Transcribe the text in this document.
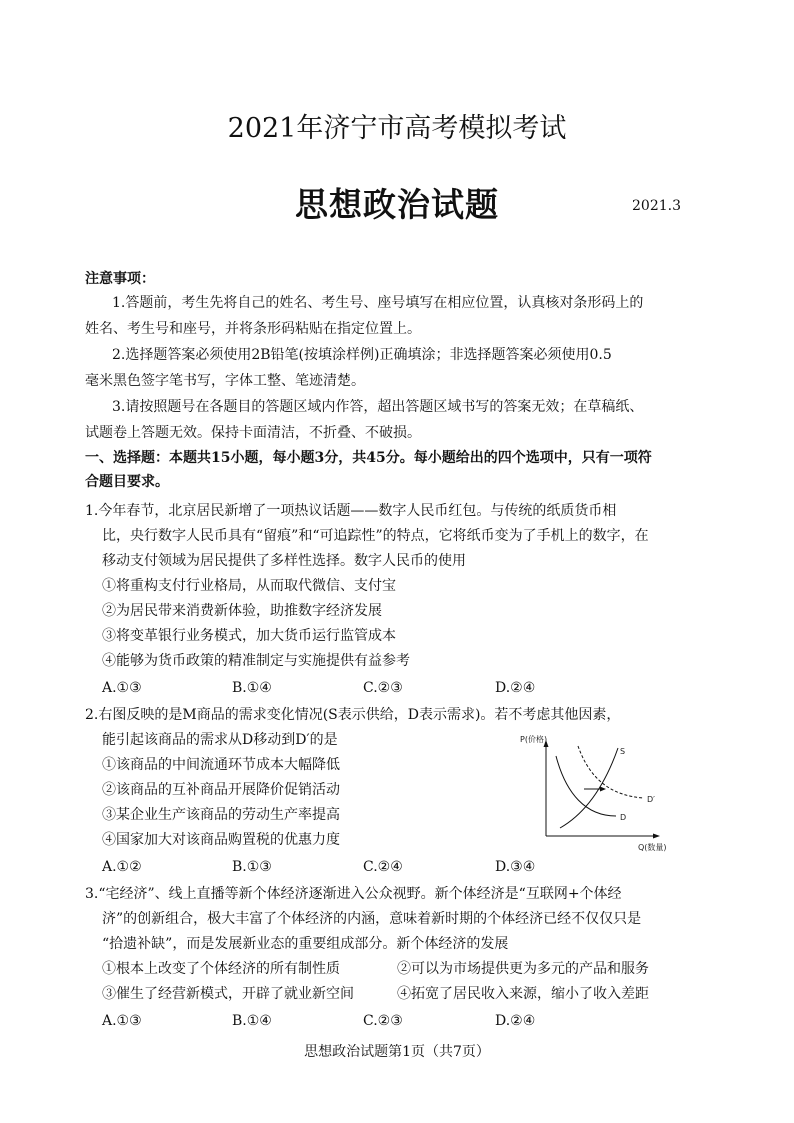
2021年济宁市高考模拟考试
思想政治试题	2021.3
注意事项：
1.答题前，考生先将自己的姓名、考生号、座号填写在相应位置，认真核对条形码上的
姓名、考生号和座号，并将条形码粘贴在指定位置上。
2.选择题答案必须使用2B铅笔(按填涂样例)正确填涂；非选择题答案必须使用0.5
毫米黑色签字笔书写，字体工整、笔迹清楚。
3.请按照题号在各题目的答题区域内作答，超出答题区域书写的答案无效；在草稿纸、
试题卷上答题无效。保持卡面清洁，不折叠、不破损。
一、选择题：本题共15小题，每小题3分，共45分。每小题给出的四个选项中，只有一项符
合题目要求。
1.今年春节，北京居民新增了一项热议话题——数字人民币红包。与传统的纸质货币相
比，央行数字人民币具有“留痕”和“可追踪性”的特点，它将纸币变为了手机上的数字，在
移动支付领域为居民提供了多样性选择。数字人民币的使用
①将重构支付行业格局，从而取代微信、支付宝
②为居民带来消费新体验，助推数字经济发展
③将变革银行业务模式，加大货币运行监管成本
④能够为货币政策的精准制定与实施提供有益参考
A.①③	B.①④	C.②③	D.②④
2.右图反映的是M商品的需求变化情况(S表示供给，D表示需求)。若不考虑其他因素，
能引起该商品的需求从D移动到D′的是
①该商品的中间流通环节成本大幅降低
②该商品的互补商品开展降价促销活动
③某企业生产该商品的劳动生产率提高
④国家加大对该商品购置税的优惠力度
A.①②	B.①③	C.②④	D.③④
P(价格)
Q(数量)
S
D
D′
3.“宅经济”、线上直播等新个体经济逐渐进入公众视野。新个体经济是“互联网+个体经
济”的创新组合，极大丰富了个体经济的内涵，意味着新时期的个体经济已经不仅仅只是
“拾遗补缺”，而是发展新业态的重要组成部分。新个体经济的发展
①根本上改变了个体经济的所有制性质	②可以为市场提供更为多元的产品和服务
③催生了经营新模式，开辟了就业新空间	④拓宽了居民收入来源，缩小了收入差距
A.①③	B.①④	C.②③	D.②④
思想政治试题第1页（共7页）
